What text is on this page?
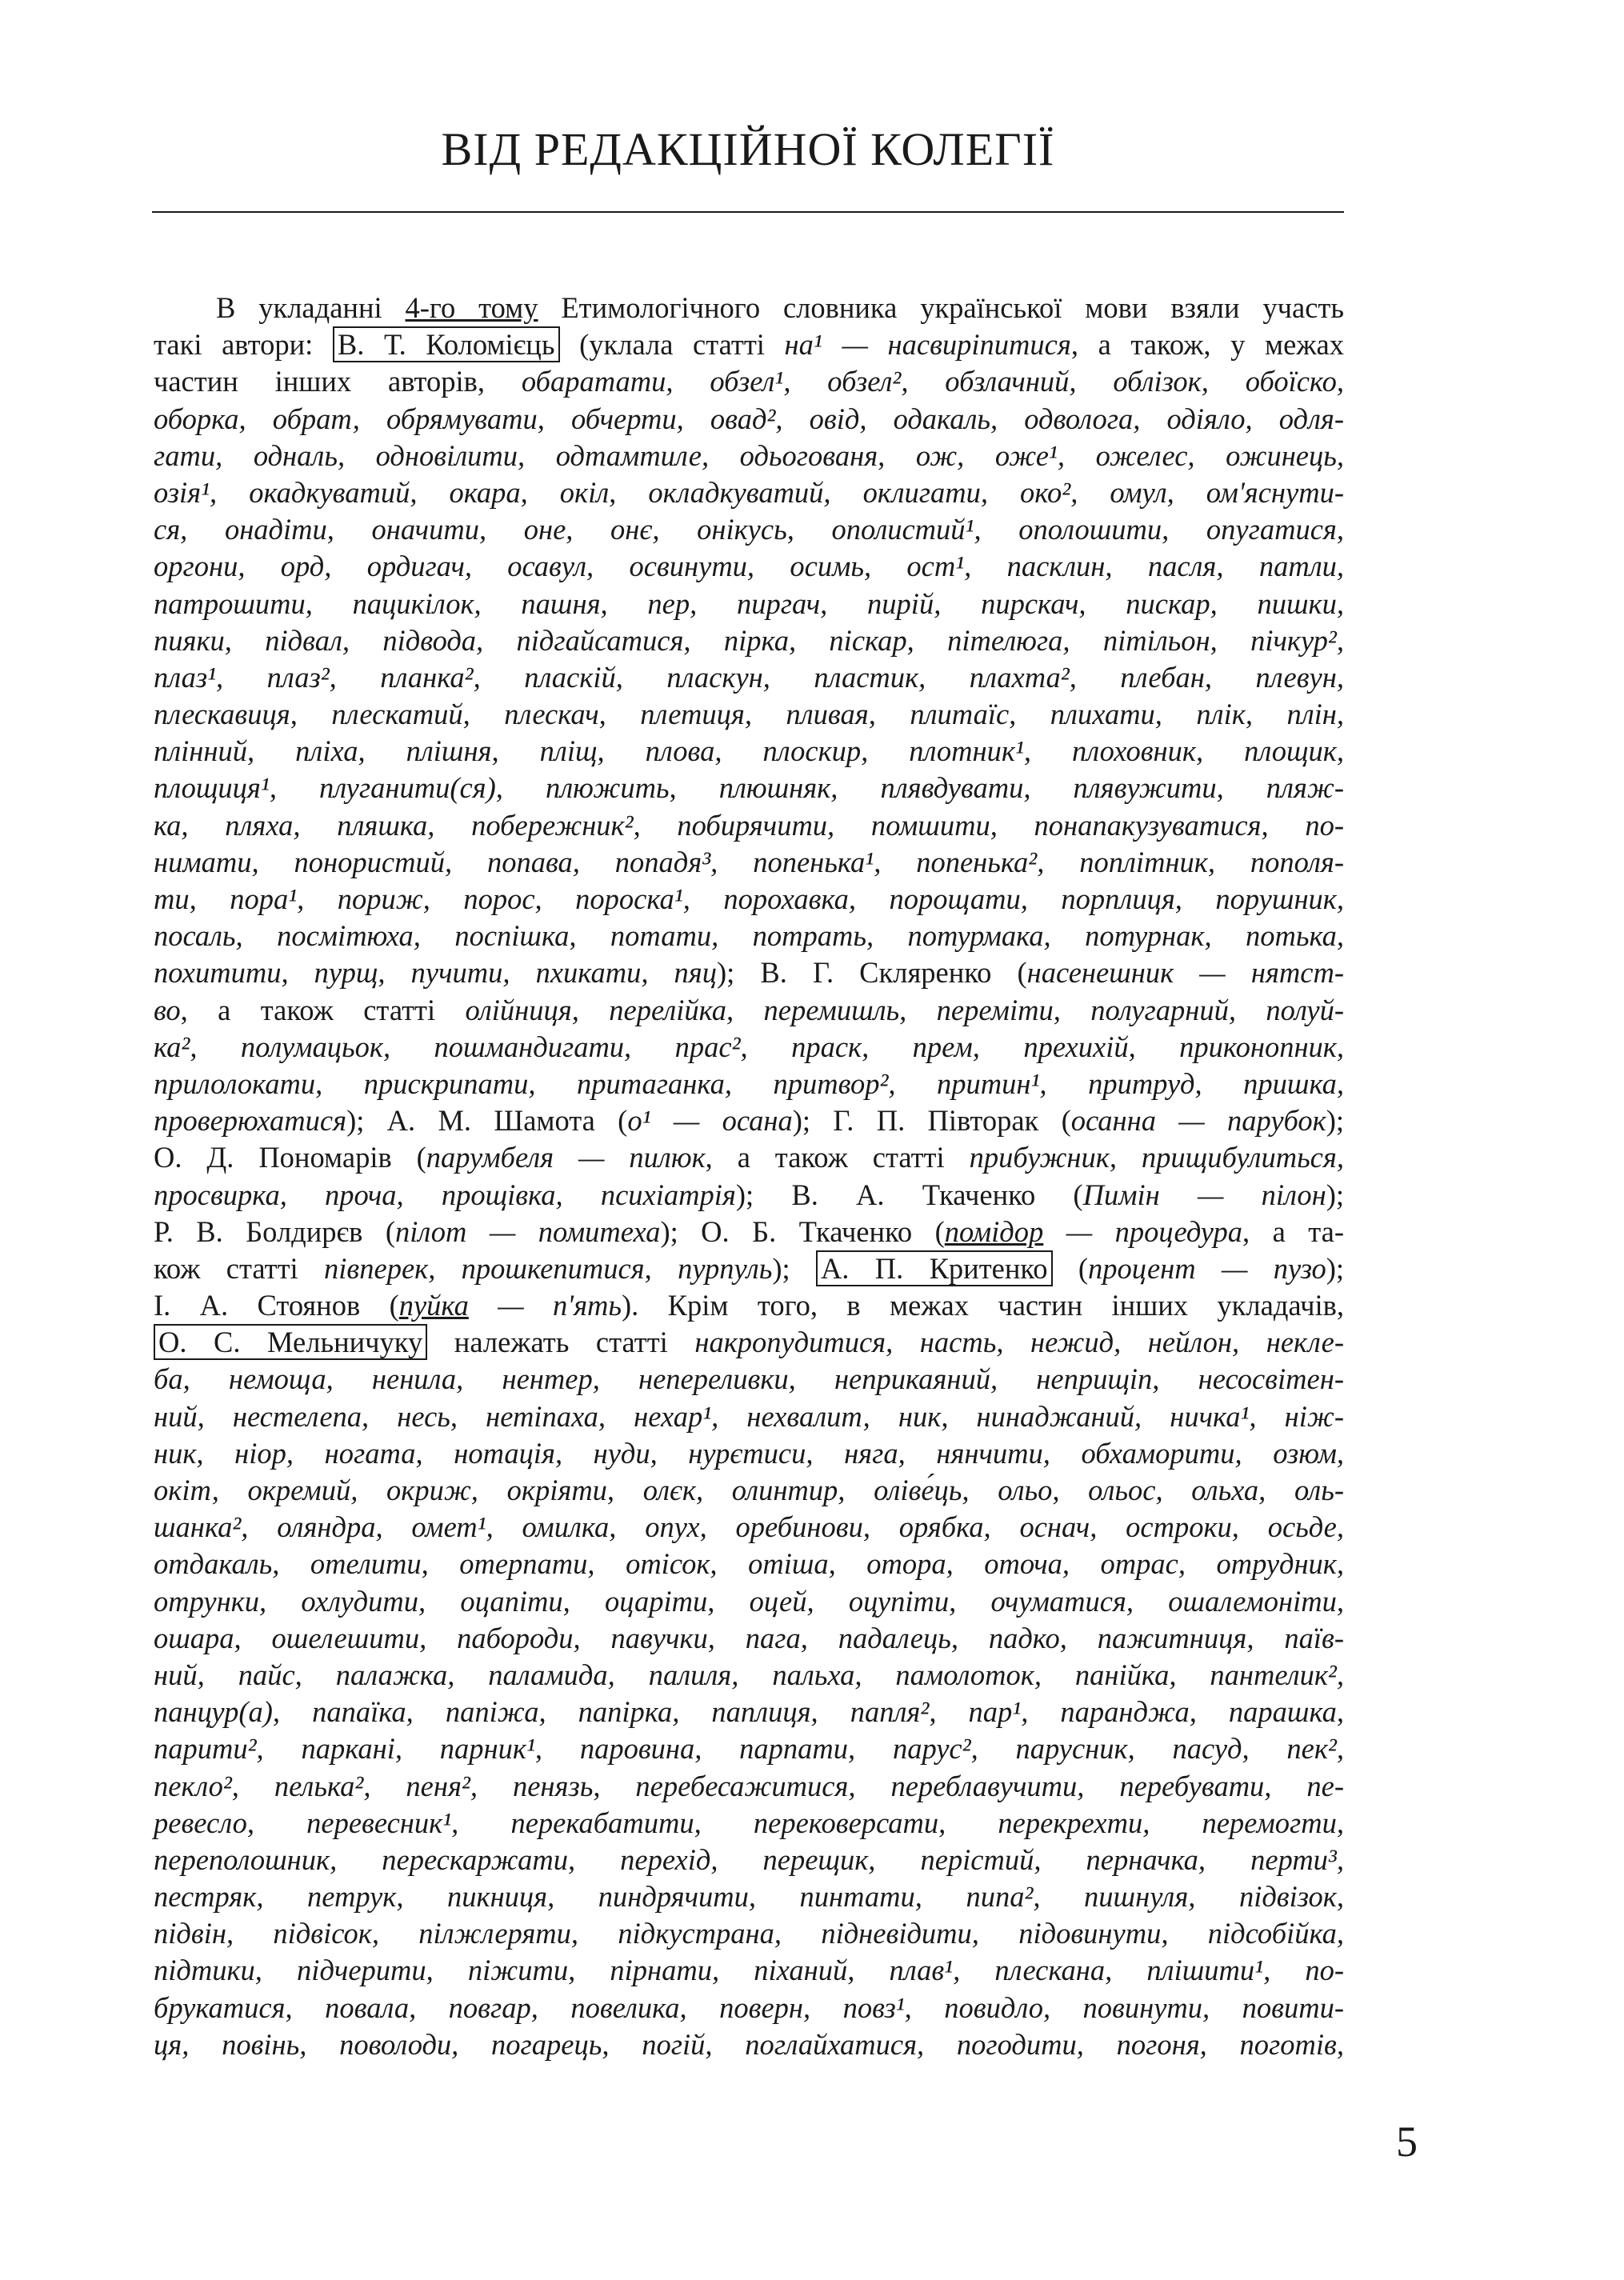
ВІД РЕДАКЦІЙНОЇ КОЛЕГІЇ
В укладанні 4-го тому Етимологічного словника української мови взяли участь
такі автори: В. Т. Коломієць (уклала статті на¹ — насвиріпитися, а також, у межах
частин інших авторів, обаратати, обзел¹, обзел², обзлачний, облізок, обоїско,
оборка, обрат, обрямувати, обчерти, овад², овід, одакаль, одволога, одіяло, одля-
гати, одналь, одновілити, одтамтиле, одьогованя, ож, оже¹, ожелес, ожинець,
озія¹, окадкуватий, окара, окіл, окладкуватий, оклигати, око², омул, ом'яснути-
ся, онадіти, оначити, оне, онє, онікусь, ополистий¹, ополошити, опугатися,
оргони, орд, ордигач, осавул, освинути, осимь, ост¹, пасклин, пасля, патли,
патрошити, пацикілок, пашня, пер, пиргач, пирій, пирскач, пискар, пишки,
пияки, підвал, підвода, підгайсатися, пірка, піскар, пітелюга, пітільон, пічкур²,
плаз¹, плаз², планка², пласкій, пласкун, пластик, плахта², плебан, плевун,
плескавиця, плескатий, плескач, плетиця, пливая, плитаїс, плихати, плік, плін,
плінний, пліха, плішня, пліщ, плова, плоскир, плотник¹, плоховник, площик,
площиця¹, плуганити(ся), плюжить, плюшняк, плявдувати, плявужити, пляж-
ка, пляха, пляшка, побережник², побирячити, помшити, понапакузуватися, по-
нимати, понористий, попава, попадя³, попенька¹, попенька², поплітник, пополя-
ти, пора¹, пориж, порос, пороска¹, порохавка, порощати, порплиця, порушник,
посаль, посмітюха, поспішка, потати, потрать, потурмака, потурнак, потька,
похитити, пурщ, пучити, пхикати, пяц); В. Г. Скляренко (насенешник — нятст-
во, а також статті олійниця, перелійка, перемишль, переміти, полугарний, полуй-
ка², полумацьок, пошмандигати, прас², праск, прем, прехихій, приконопник,
прилолокати, прискрипати, притаганка, притвор², притин¹, притруд, пришка,
проверюхатися); А. М. Шамота (о¹ — осана); Г. П. Півторак (осанна — парубок);
О. Д. Пономарів (парумбеля — пилюк, а також статті прибужник, прищибулиться,
просвирка, проча, прощівка, психіатрія); В. А. Ткаченко (Пимін — пілон);
Р. В. Болдирєв (пілот — помитеха); О. Б. Ткаченко (помідор — процедура, а та-
кож статті півперек, прошкепитися, пурпуль); А. П. Критенко (процент — пузо);
І. А. Стоянов (пуйка — п'ять). Крім того, в межах частин інших укладачів,
О. С. Мельничуку належать статті накропудитися, насть, нежид, нейлон, некле-
ба, немоща, ненила, нентер, непереливки, неприкаяний, неприщіп, несосвітен-
ний, нестелепа, несь, нетіпаха, нехар¹, нехвалит, ник, нинаджаний, ничка¹, ніж-
ник, ніор, ногата, нотація, нуди, нурєтиси, няга, нянчити, обхаморити, озюм,
окіт, окремий, окриж, окріяти, олєк, олинтир, оліве́ць, ольо, ольос, ольха, оль-
шанка², оляндра, омет¹, омилка, опух, оребинови, орябка, оснач, остроки, осьде,
отдакаль, отелити, отерпати, отісок, отіша, отора, оточа, отрас, отрудник,
отрунки, охлудити, оцапіти, оцаріти, оцей, оцупіти, очуматися, ошалемоніти,
ошара, ошелешити, пабороди, павучки, пага, падалець, падко, пажитниця, паїв-
ний, пайс, палажка, паламида, палиля, пальха, памолоток, панійка, пантелик²,
панцур(а), папаїка, папіжа, папірка, паплиця, папля², пар¹, паранджа, парашка,
парити², паркані, парник¹, паровина, парпати, парус², парусник, пасуд, пек²,
пекло², пелька², пеня², пенязь, перебесажитися, переблавучити, перебувати, пе-
ревесло, перевесник¹, перекабатити, перековерсати, перекрехти, перемогти,
переполошник, перескаржати, перехід, перещик, перістий, перначка, перти³,
пестряк, петрук, пикниця, пиндрячити, пинтати, пипа², пишнуля, підвізок,
підвін, підвісок, пілжлеряти, підкустрана, підневідити, підовинути, підсобійка,
підтики, підчерити, піжити, пірнати, піханий, плав¹, плескана, плішити¹, по-
брукатися, повала, повгар, повелика, поверн, повз¹, повидло, повинути, повити-
ця, повінь, поволоди, погарець, погій, поглайхатися, погодити, погоня, поготів,
5
